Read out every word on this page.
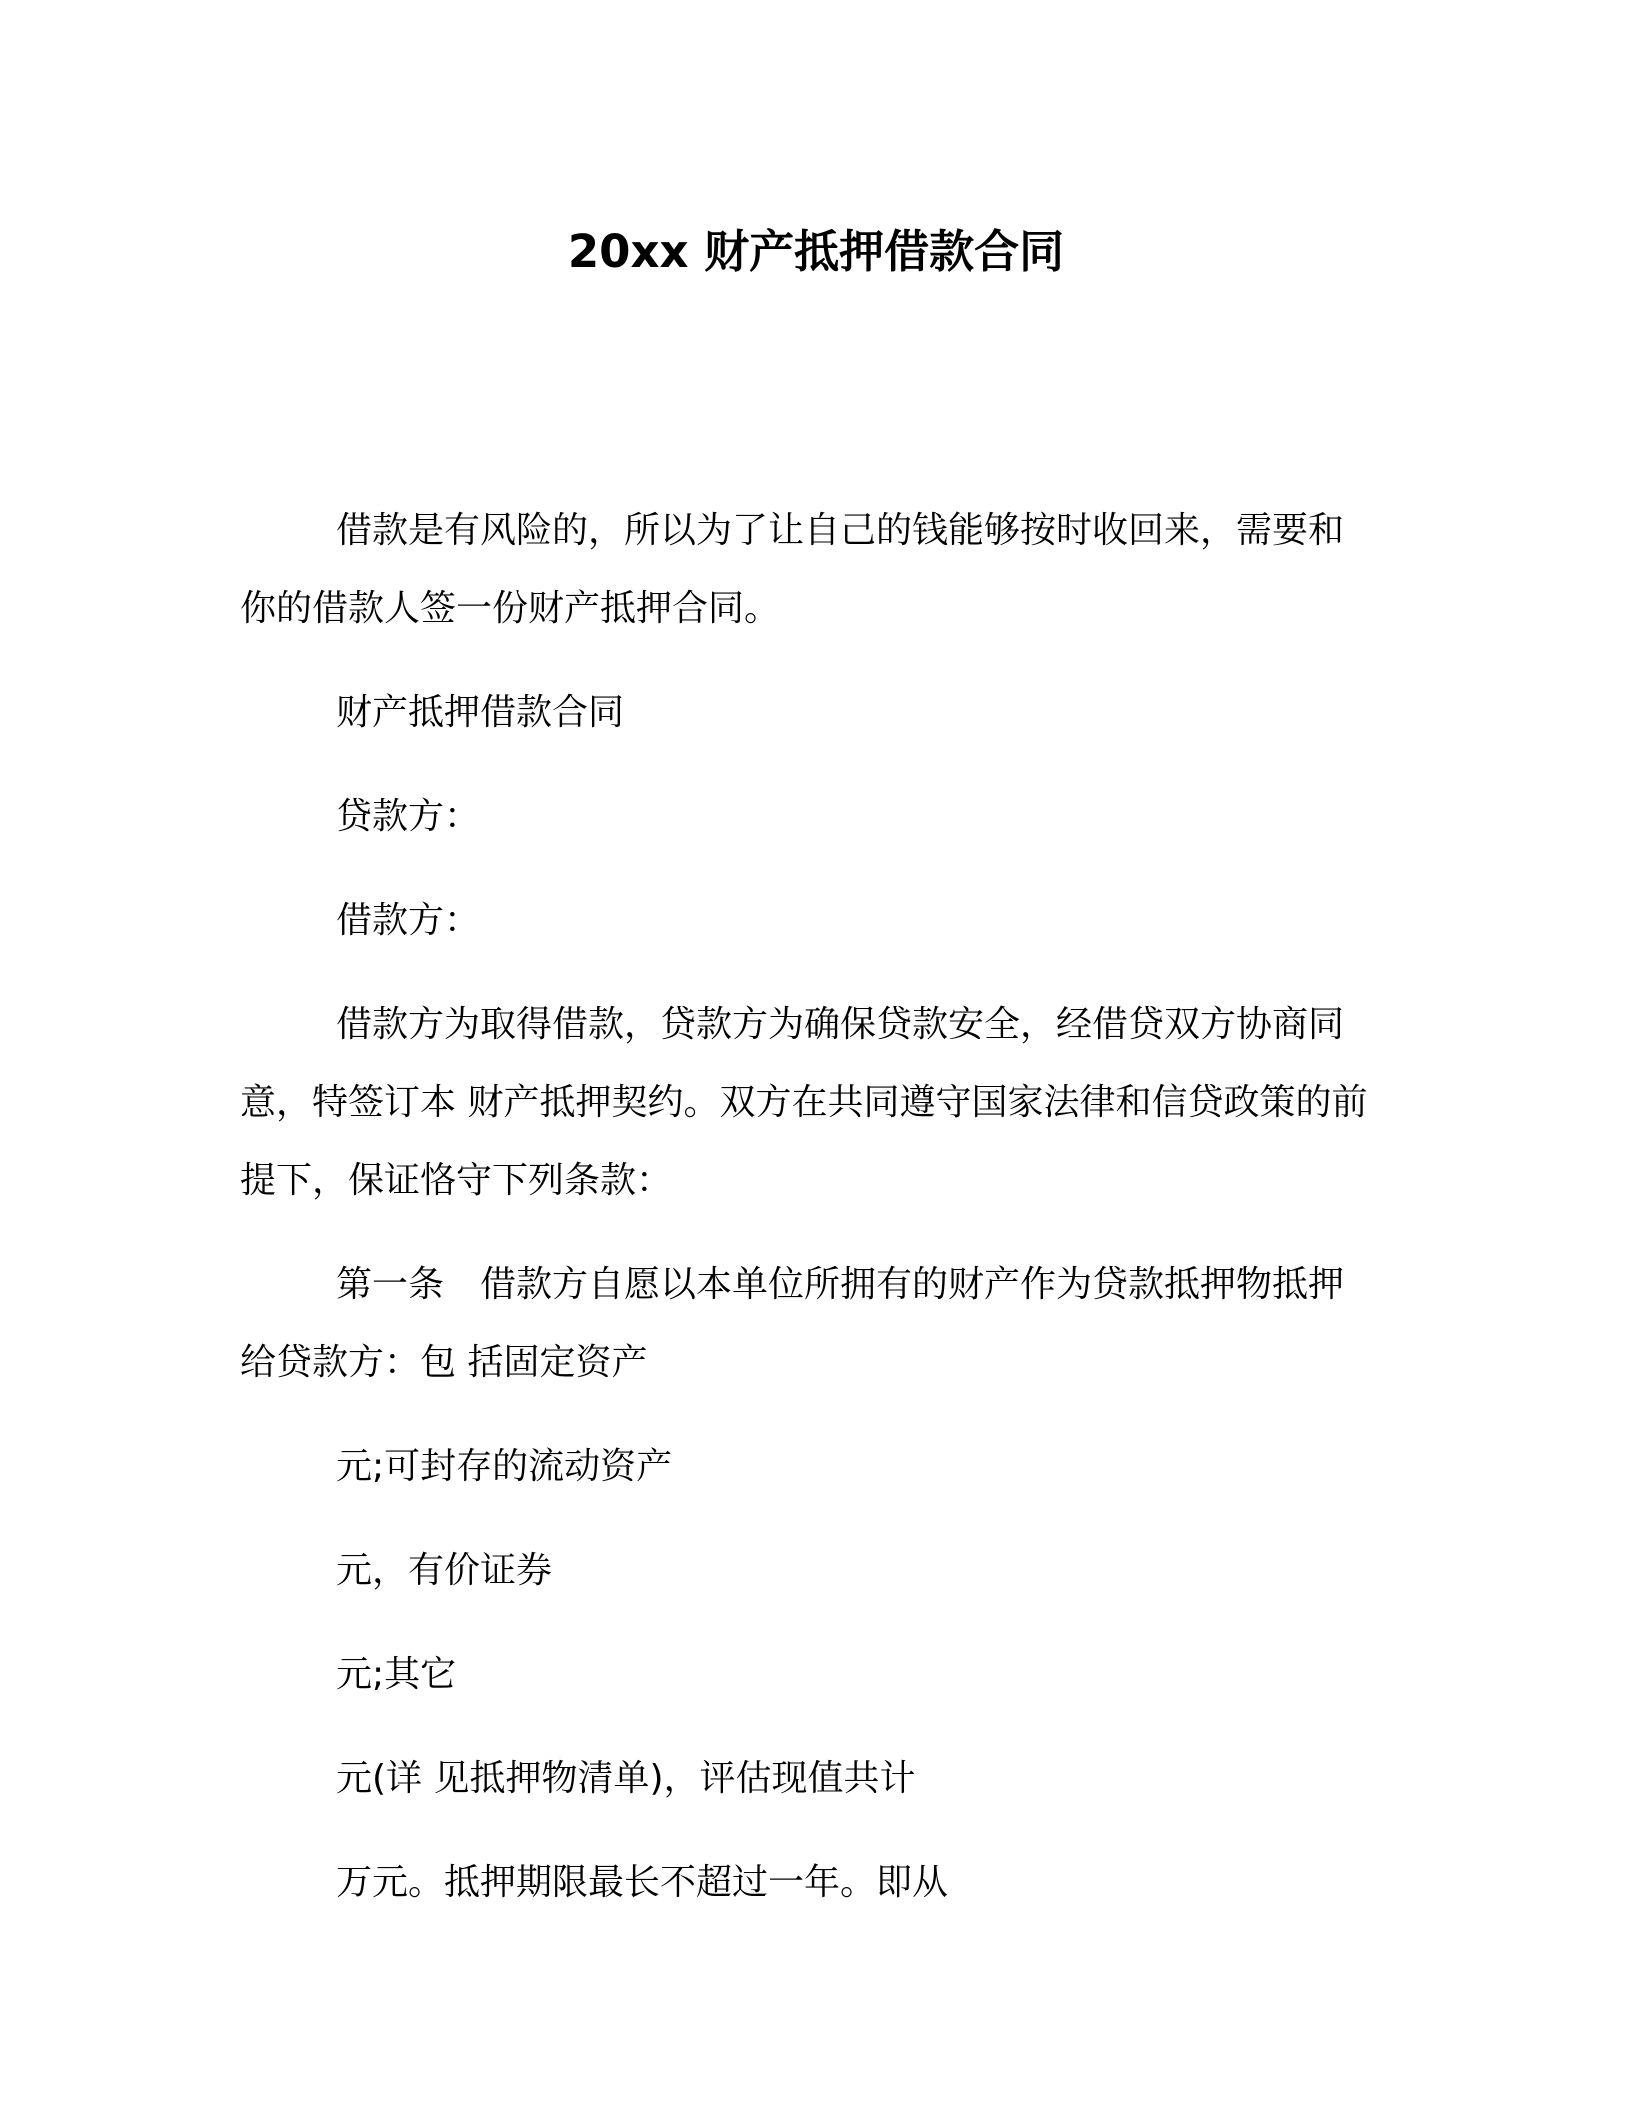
20xx 财产抵押借款合同

借款是有风险的，所以为了让自己的钱能够按时收回来，需要和你的借款人签一份财产抵押合同。

财产抵押借款合同

贷款方：

借款方：

借款方为取得借款，贷款方为确保贷款安全，经借贷双方协商同意，特签订本 财产抵押契约。双方在共同遵守国家法律和信贷政策的前提下，保证恪守下列条款：

第一条　借款方自愿以本单位所拥有的财产作为贷款抵押物抵押给贷款方：包 括固定资产

元;可封存的流动资产

元，有价证券

元;其它

元(详 见抵押物清单)，评估现值共计

万元。抵押期限最长不超过一年。即从
